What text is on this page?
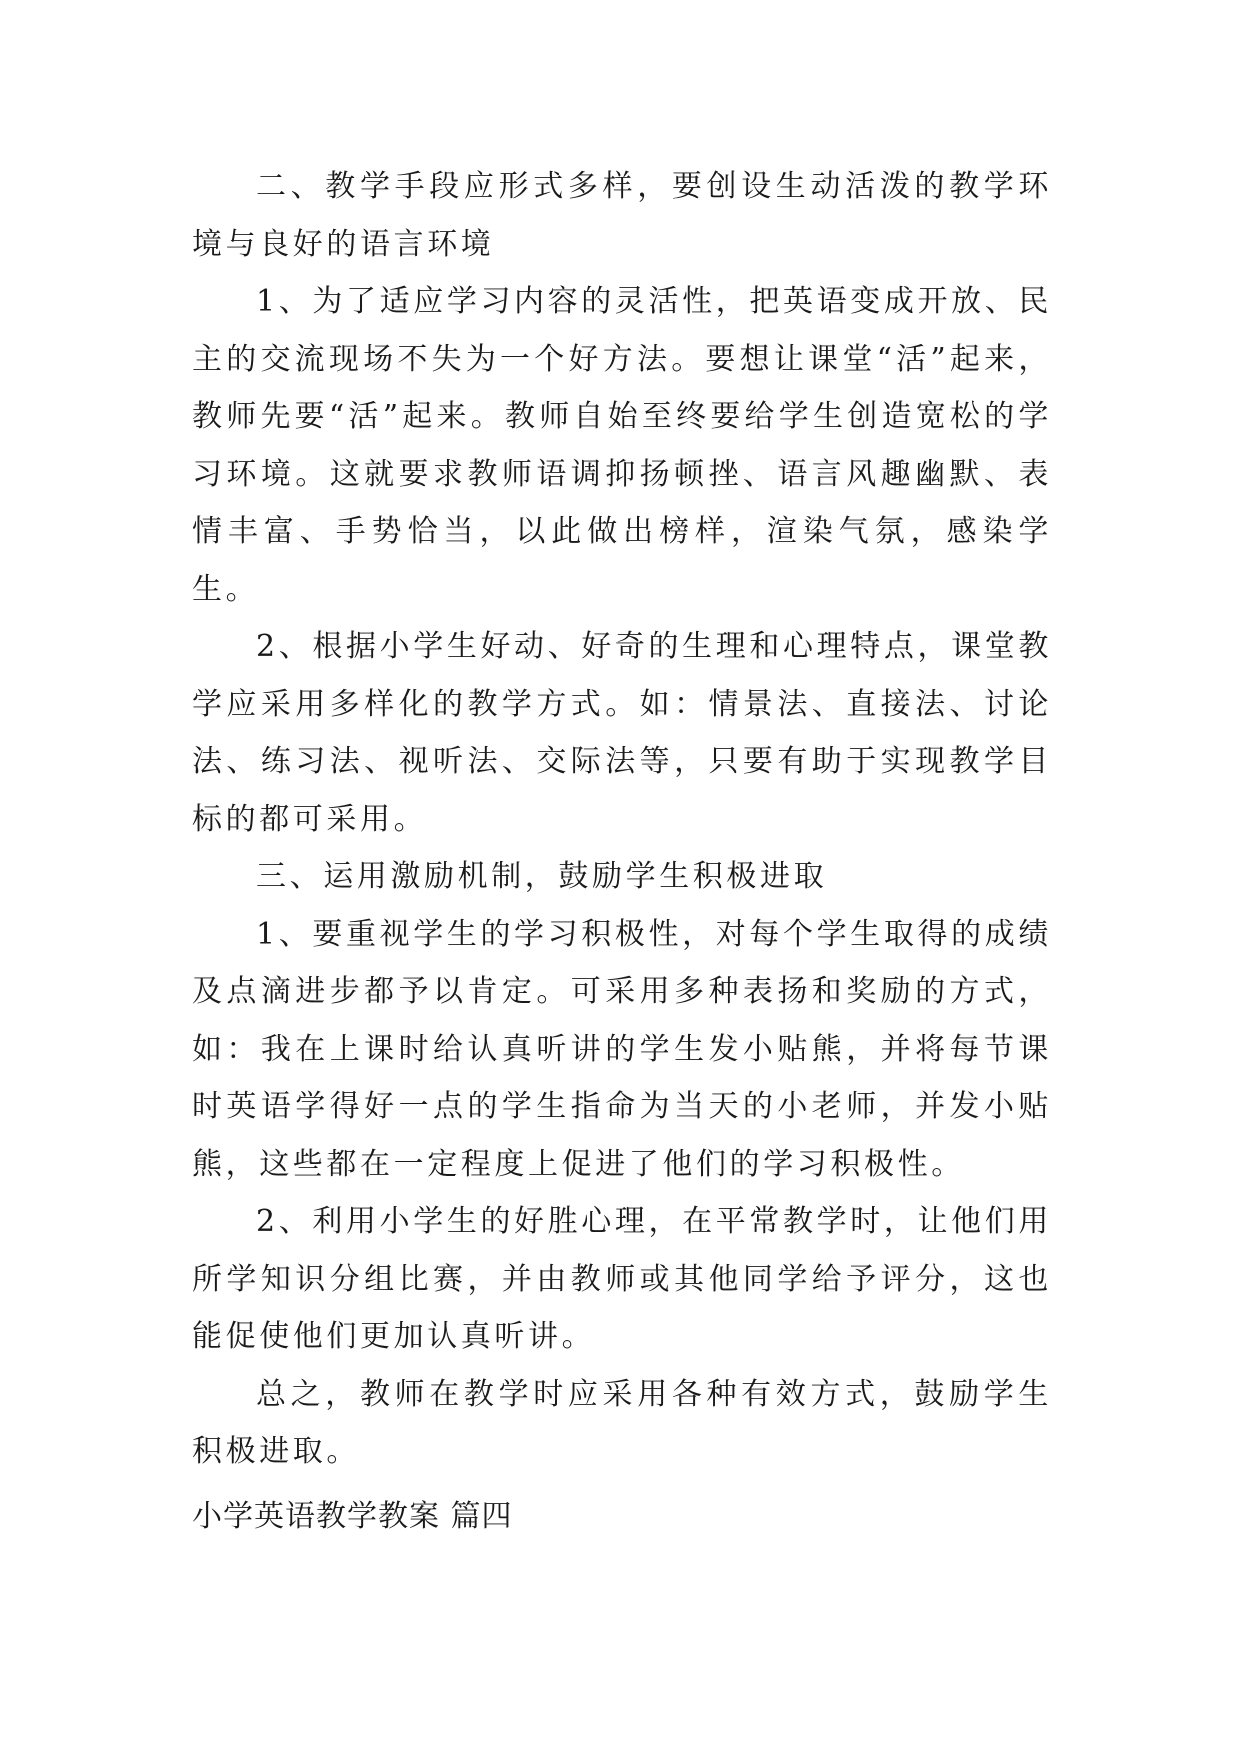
二、教学手段应形式多样，要创设生动活泼的教学环境与良好的语言环境

1、为了适应学习内容的灵活性，把英语变成开放、民主的交流现场不失为一个好方法。要想让课堂“活”起来，教师先要“活”起来。教师自始至终要给学生创造宽松的学习环境。这就要求教师语调抑扬顿挫、语言风趣幽默、表情丰富、手势恰当，以此做出榜样，渲染气氛，感染学生。

2、根据小学生好动、好奇的生理和心理特点，课堂教学应采用多样化的教学方式。如：情景法、直接法、讨论法、练习法、视听法、交际法等，只要有助于实现教学目标的都可采用。

三、运用激励机制，鼓励学生积极进取

1、要重视学生的学习积极性，对每个学生取得的成绩及点滴进步都予以肯定。可采用多种表扬和奖励的方式，如：我在上课时给认真听讲的学生发小贴熊，并将每节课时英语学得好一点的学生指命为当天的小老师，并发小贴熊，这些都在一定程度上促进了他们的学习积极性。

2、利用小学生的好胜心理，在平常教学时，让他们用所学知识分组比赛，并由教师或其他同学给予评分，这也能促使他们更加认真听讲。

总之，教师在教学时应采用各种有效方式，鼓励学生积极进取。

小学英语教学教案 篇四
